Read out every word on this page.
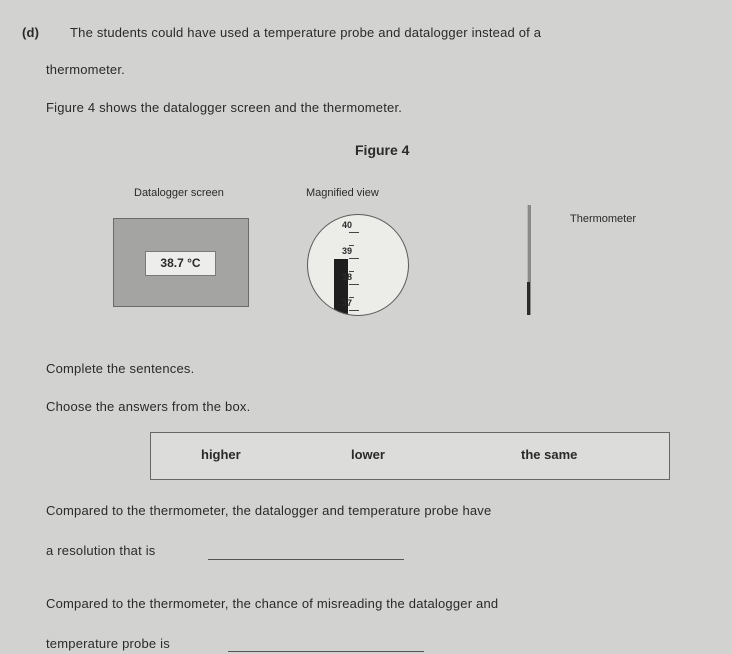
(d) The students could have used a temperature probe and datalogger instead of a
thermometer.
Figure 4 shows the datalogger screen and the thermometer.
Figure 4
Datalogger screen
38.7 °C
Magnified view
40
39
38
37
Thermometer
Complete the sentences.
Choose the answers from the box.
higher	lower	the same
Compared to the thermometer, the datalogger and temperature probe have
a resolution that is
Compared to the thermometer, the chance of misreading the datalogger and
temperature probe is
